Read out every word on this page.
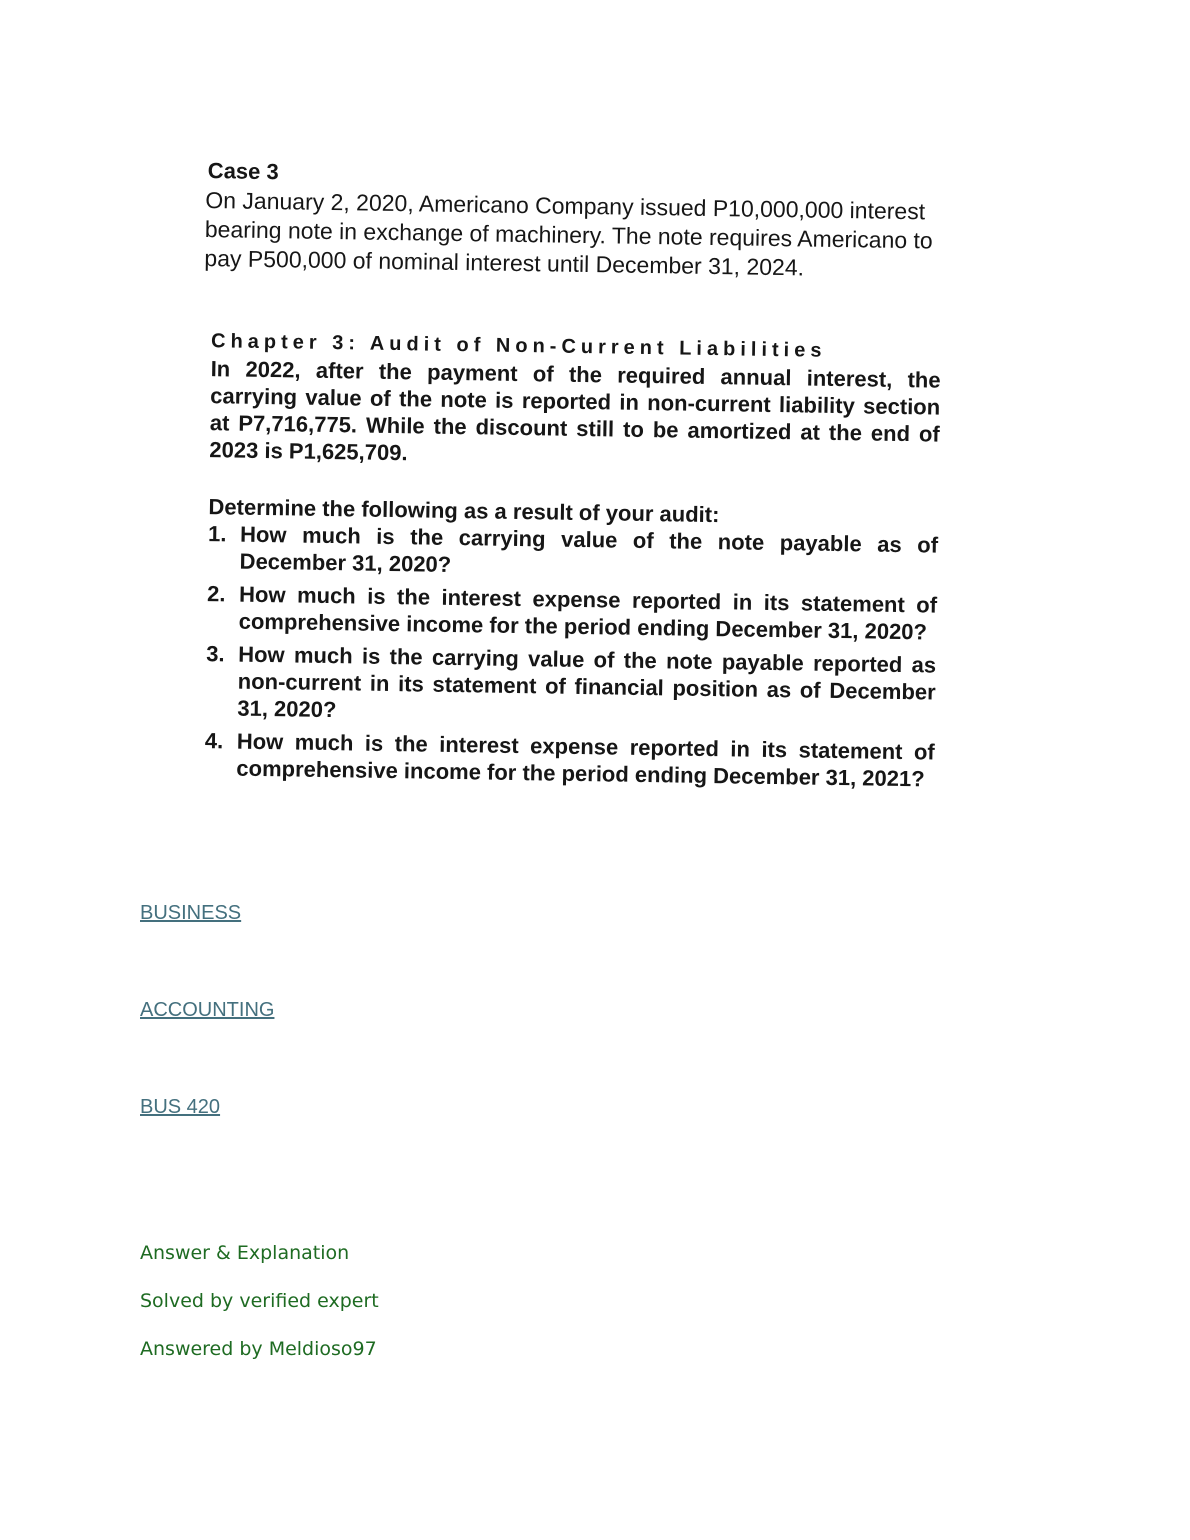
Case 3
On January 2, 2020, Americano Company issued P10,000,000 interest bearing note in exchange of machinery. The note requires Americano to pay P500,000 of nominal interest until December 31, 2024.
Chapter 3: Audit of Non-Current Liabilities
In 2022, after the payment of the required annual interest, the carrying value of the note is reported in non-current liability section at P7,716,775. While the discount still to be amortized at the end of 2023 is P1,625,709.
Determine the following as a result of your audit:
1. How much is the carrying value of the note payable as of December 31, 2020?
2. How much is the interest expense reported in its statement of comprehensive income for the period ending December 31, 2020?
3. How much is the carrying value of the note payable reported as non-current in its statement of financial position as of December 31, 2020?
4. How much is the interest expense reported in its statement of comprehensive income for the period ending December 31, 2021?
BUSINESS
ACCOUNTING
BUS 420
Answer & Explanation
Solved by verified expert
Answered by Meldioso97
